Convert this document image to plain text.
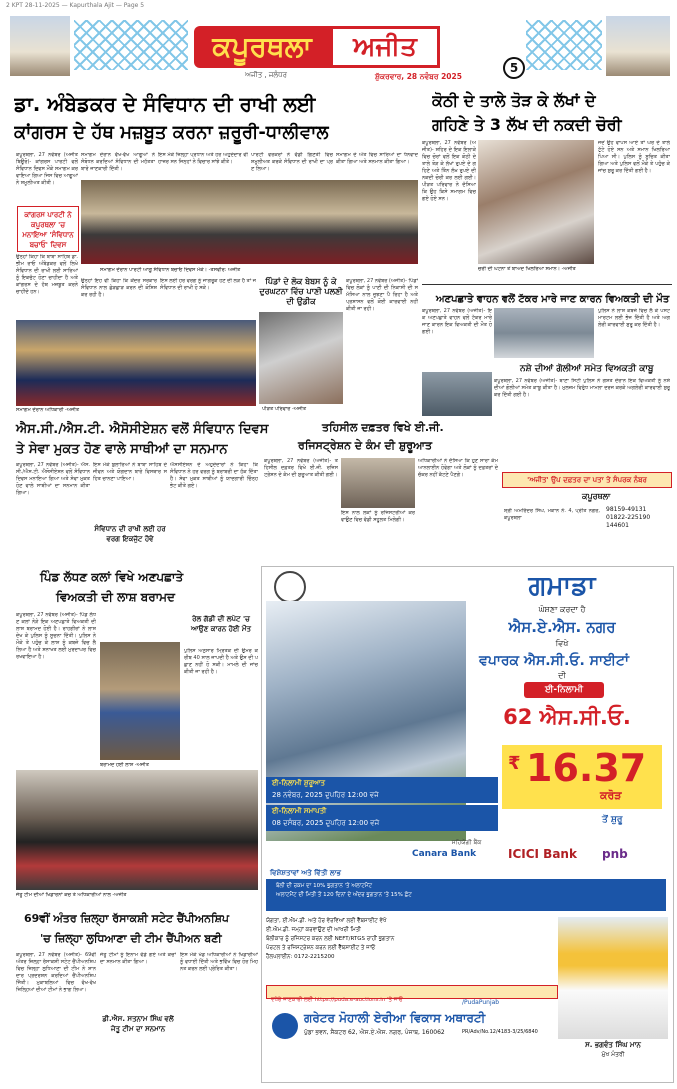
2 KPT 28-11-2025 — Kapurthala Ajit — Page 5
ਕਪੂਰਥਲਾ	ਅਜੀਤ
ਅਜੀਤ , ਜਲੰਧਰ	ਸ਼ੁੱਕਰਵਾਰ, 28 ਨਵੰਬਰ 2025
5
ਡਾ. ਅੰਬੇਡਕਰ ਦੇ ਸੰਵਿਧਾਨ ਦੀ ਰਾਖੀ ਲਈ
ਕਾਂਗਰਸ ਦੇ ਹੱਥ ਮਜ਼ਬੂਤ ਕਰਨਾ ਜ਼ਰੂਰੀ-ਧਾਲੀਵਾਲ
ਕਪੂਰਥਲਾ, 27 ਨਵੰਬਰ (ਅਜੀਤ ਬਿਊਰੋ)- ਕਾਂਗਰਸ ਪਾਰਟੀ ਵਲੋਂ ਸੰਵਿਧਾਨ ਦਿਵਸ ਮੌਕੇ ਸਮਾਗਮ ਕਰਵਾਇਆ ਗਿਆ ਜਿਸ ਵਿਚ ਆਗੂਆਂ ਨੇ ਸ਼ਮੂਲੀਅਤ ਕੀਤੀ।
ਕਾਂਗਰਸ ਪਾਰਟੀ ਨੇ ਕਪੂਰਥਲਾ 'ਚ ਮਨਾਇਆ 'ਸੰਵਿਧਾਨ ਬਚਾਓ' ਦਿਵਸ
ਉਨ੍ਹਾਂ ਕਿਹਾ ਕਿ ਬਾਬਾ ਸਾਹਿਬ ਡਾ. ਭੀਮ ਰਾਓ ਅੰਬੇਡਕਰ ਵਲੋਂ ਲਿਖੇ ਸੰਵਿਧਾਨ ਦੀ ਰਾਖੀ ਲਈ ਸਾਰਿਆਂ ਨੂੰ ਇਕਜੁੱਟ ਹੋਣਾ ਚਾਹੀਦਾ ਹੈ ਅਤੇ ਕਾਂਗਰਸ ਦੇ ਹੱਥ ਮਜ਼ਬੂਤ ਕਰਨੇ ਚਾਹੀਦੇ ਹਨ।
ਸਮਾਗਮ ਦੌਰਾਨ ਵੱਖ-ਵੱਖ ਆਗੂਆਂ ਨੇ ਸੰਬੋਧਨ ਕਰਦਿਆਂ ਸੰਵਿਧਾਨ ਦੀ ਮਹੱਤਤਾ ਬਾਰੇ ਜਾਣਕਾਰੀ ਦਿੱਤੀ।
ਇਸ ਮੌਕੇ ਜ਼ਿਲ੍ਹਾ ਪ੍ਰਧਾਨ ਅਤੇ ਹੋਰ ਅਹੁਦੇਦਾਰ ਵੀ ਹਾਜ਼ਰ ਸਨ ਜਿਨ੍ਹਾਂ ਨੇ ਵਿਚਾਰ ਸਾਂਝੇ ਕੀਤੇ।
ਪਾਰਟੀ ਵਰਕਰਾਂ ਨੇ ਵੱਡੀ ਗਿਣਤੀ ਵਿਚ ਸ਼ਮੂਲੀਅਤ ਕਰਕੇ ਸੰਵਿਧਾਨ ਦੀ ਰਾਖੀ ਦਾ ਪ੍ਰਣ ਲਿਆ।
ਸਮਾਗਮ ਦੇ ਅੰਤ ਵਿਚ ਸਾਰਿਆਂ ਦਾ ਧੰਨਵਾਦ ਕੀਤਾ ਗਿਆ ਅਤੇ ਸਨਮਾਨ ਕੀਤਾ ਗਿਆ।
ਸਮਾਗਮ ਦੌਰਾਨ ਪਾਰਟੀ ਆਗੂ ਸੰਵਿਧਾਨ ਬਚਾਓ ਦਿਵਸ ਮੌਕੇ। -ਤਸਵੀਰ: ਅਜੀਤ
ਉਨ੍ਹਾਂ ਇਹ ਵੀ ਕਿਹਾ ਕਿ ਕੇਂਦਰ ਸਰਕਾਰ ਸੰਵਿਧਾਨ ਨਾਲ ਛੇੜਛਾੜ ਕਰਨ ਦੀ ਕੋਸ਼ਿਸ਼ ਕਰ ਰਹੀ ਹੈ।
ਇਸ ਲਈ ਹਰ ਵਰਗ ਨੂੰ ਜਾਗਰੂਕ ਹੋਣ ਦੀ ਲੋੜ ਹੈ ਤਾਂ ਜੋ ਸੰਵਿਧਾਨ ਦੀ ਰਾਖੀ ਹੋ ਸਕੇ।
ਪਿੰਡਾਂ ਦੇ ਲੋਕ ਬੇਬਸ ਨੂੰ ਕੇ ਦੁਰਘਟਨਾ ਵਿੱਚ ਪਾਣੀ ਪਲਣੀ ਦੀ ਉਡੀਕ
ਪੀੜਤ ਪਰਿਵਾਰ -ਅਜੀਤ
ਕਪੂਰਥਲਾ, 27 ਨਵੰਬਰ (ਅਜੀਤ)- ਪਿੰਡਾਂ ਵਿਚ ਲੋਕਾਂ ਨੂੰ ਪਾਣੀ ਦੀ ਨਿਕਾਸੀ ਦੀ ਸਮੱਸਿਆ ਨਾਲ ਜੂਝਣਾ ਪੈ ਰਿਹਾ ਹੈ ਅਤੇ ਪ੍ਰਸ਼ਾਸਨ ਵਲੋਂ ਕੋਈ ਕਾਰਵਾਈ ਨਹੀਂ ਕੀਤੀ ਜਾ ਰਹੀ।
ਸਮਾਗਮ ਦੌਰਾਨ ਅਧਿਕਾਰੀ -ਅਜੀਤ
ਕੋਠੀ ਦੇ ਤਾਲੇ ਤੋੜ ਕੇ ਲੱਖਾਂ ਦੇ
ਗਹਿਣੇ ਤੇ 3 ਲੱਖ ਦੀ ਨਕਦੀ ਚੋਰੀ
ਕਪੂਰਥਲਾ, 27 ਨਵੰਬਰ (ਅਜੀਤ)- ਸ਼ਹਿਰ ਦੇ ਇਕ ਇਲਾਕੇ ਵਿਚ ਚੋਰਾਂ ਵਲੋਂ ਇਕ ਕੋਠੀ ਦੇ ਤਾਲੇ ਤੋੜ ਕੇ ਲੱਖਾਂ ਰੁਪਏ ਦੇ ਗਹਿਣੇ ਅਤੇ ਤਿੰਨ ਲੱਖ ਰੁਪਏ ਦੀ ਨਕਦੀ ਚੋਰੀ ਕਰ ਲਈ ਗਈ। ਪੀੜਤ ਪਰਿਵਾਰ ਨੇ ਦੱਸਿਆ ਕਿ ਉਹ ਕਿਸੇ ਸਮਾਗਮ ਵਿਚ ਗਏ ਹੋਏ ਸਨ।
ਚੋਰੀ ਦੀ ਘਟਨਾ ਤੋਂ ਬਾਅਦ ਖਿਲਰਿਆ ਸਮਾਨ। -ਅਜੀਤ
ਜਦੋਂ ਉਹ ਵਾਪਸ ਆਏ ਤਾਂ ਘਰ ਦੇ ਤਾਲੇ ਟੁੱਟੇ ਹੋਏ ਸਨ ਅਤੇ ਸਮਾਨ ਖਿਲਰਿਆ ਪਿਆ ਸੀ। ਪੁਲਿਸ ਨੂੰ ਸੂਚਿਤ ਕੀਤਾ ਗਿਆ ਅਤੇ ਪੁਲਿਸ ਵਲੋਂ ਮੌਕੇ ਤੇ ਪਹੁੰਚ ਕੇ ਜਾਂਚ ਸ਼ੁਰੂ ਕਰ ਦਿੱਤੀ ਗਈ ਹੈ।
ਅਣਪਛਾਤੇ ਵਾਹਨ ਵਲੋਂ ਟੱਕਰ ਮਾਰੇ ਜਾਣ ਕਾਰਨ ਵਿਅਕਤੀ ਦੀ ਮੌਤ
ਕਪੂਰਥਲਾ, 27 ਨਵੰਬਰ (ਅਜੀਤ)- ਇਕ ਅਣਪਛਾਤੇ ਵਾਹਨ ਵਲੋਂ ਟੱਕਰ ਮਾਰੇ ਜਾਣ ਕਾਰਨ ਇਕ ਵਿਅਕਤੀ ਦੀ ਮੌਤ ਹੋ ਗਈ।
ਪੁਲਿਸ ਨੇ ਲਾਸ਼ ਕਬਜ਼ੇ ਵਿਚ ਲੈ ਕੇ ਪੋਸਟਮਾਰਟਮ ਲਈ ਭੇਜ ਦਿੱਤੀ ਹੈ ਅਤੇ ਅਗਲੇਰੀ ਕਾਰਵਾਈ ਸ਼ੁਰੂ ਕਰ ਦਿੱਤੀ ਹੈ।
ਨਸ਼ੇ ਦੀਆਂ ਗੋਲੀਆਂ ਸਮੇਤ ਵਿਅਕਤੀ ਕਾਬੂ
ਕਪੂਰਥਲਾ, 27 ਨਵੰਬਰ (ਅਜੀਤ)- ਥਾਣਾ ਸਿਟੀ ਪੁਲਿਸ ਨੇ ਗਸ਼ਤ ਦੌਰਾਨ ਇਕ ਵਿਅਕਤੀ ਨੂੰ ਨਸ਼ੇ ਦੀਆਂ ਗੋਲੀਆਂ ਸਮੇਤ ਕਾਬੂ ਕੀਤਾ ਹੈ। ਮੁਲਜ਼ਮ ਵਿਰੁੱਧ ਮਾਮਲਾ ਦਰਜ ਕਰਕੇ ਅਗਲੇਰੀ ਕਾਰਵਾਈ ਸ਼ੁਰੂ ਕਰ ਦਿੱਤੀ ਗਈ ਹੈ।
ਐਸ.ਸੀ./ਐਸ.ਟੀ. ਐਸੋਸੀਏਸ਼ਨ ਵਲੋਂ ਸੰਵਿਧਾਨ ਦਿਵਸ
ਤੇ ਸੇਵਾ ਮੁਕਤ ਹੋਣ ਵਾਲੇ ਸਾਥੀਆਂ ਦਾ ਸਨਮਾਨ
ਕਪੂਰਥਲਾ, 27 ਨਵੰਬਰ (ਅਜੀਤ)- ਐਸ.ਸੀ./ਐਸ.ਟੀ. ਐਸੋਸੀਏਸ਼ਨ ਵਲੋਂ ਸੰਵਿਧਾਨ ਦਿਵਸ ਮਨਾਇਆ ਗਿਆ ਅਤੇ ਸੇਵਾ ਮੁਕਤ ਹੋਣ ਵਾਲੇ ਸਾਥੀਆਂ ਦਾ ਸਨਮਾਨ ਕੀਤਾ ਗਿਆ।
ਇਸ ਮੌਕੇ ਬੁਲਾਰਿਆਂ ਨੇ ਬਾਬਾ ਸਾਹਿਬ ਦੇ ਜੀਵਨ ਅਤੇ ਯੋਗਦਾਨ ਬਾਰੇ ਵਿਸਥਾਰ ਸਹਿਤ ਚਾਨਣਾ ਪਾਇਆ।
ਸੰਵਿਧਾਨ ਦੀ ਰਾਖੀ ਲਈ ਹਰ ਵਰਗ ਇਕਜੁੱਟ ਹੋਵੇ
ਐਸੋਸੀਏਸ਼ਨ ਦੇ ਅਹੁਦੇਦਾਰਾਂ ਨੇ ਕਿਹਾ ਕਿ ਸੰਵਿਧਾਨ ਨੇ ਹਰ ਵਰਗ ਨੂੰ ਬਰਾਬਰੀ ਦਾ ਹੱਕ ਦਿੱਤਾ ਹੈ। ਸੇਵਾ ਮੁਕਤ ਸਾਥੀਆਂ ਨੂੰ ਯਾਦਗਾਰੀ ਚਿੰਨ੍ਹ ਭੇਟ ਕੀਤੇ ਗਏ।
ਤਹਿਸੀਲ ਦਫ਼ਤਰ ਵਿਖੇ ਈ.ਜੀ.
ਰਜਿਸਟ੍ਰੇਸ਼ਨ ਦੇ ਕੰਮ ਦੀ ਸ਼ੁਰੂਆਤ
ਕਪੂਰਥਲਾ, 27 ਨਵੰਬਰ (ਅਜੀਤ)- ਤਹਿਸੀਲ ਦਫ਼ਤਰ ਵਿਖੇ ਈ.ਜੀ. ਰਜਿਸਟ੍ਰੇਸ਼ਨ ਦੇ ਕੰਮ ਦੀ ਸ਼ੁਰੂਆਤ ਕੀਤੀ ਗਈ।
ਇਸ ਨਾਲ ਲੋਕਾਂ ਨੂੰ ਰਜਿਸਟਰੀਆਂ ਕਰਵਾਉਣ ਵਿਚ ਵੱਡੀ ਸਹੂਲਤ ਮਿਲੇਗੀ।
ਅਧਿਕਾਰੀਆਂ ਨੇ ਦੱਸਿਆ ਕਿ ਹੁਣ ਸਾਰਾ ਕੰਮ ਆਨਲਾਈਨ ਹੋਵੇਗਾ ਅਤੇ ਲੋਕਾਂ ਨੂੰ ਦਫ਼ਤਰਾਂ ਦੇ ਚੱਕਰ ਨਹੀਂ ਕੱਟਣੇ ਪੈਣਗੇ।
'ਅਜੀਤ' ਉਪ ਦਫ਼ਤਰ ਦਾ ਪਤਾ ਤੇ ਸੰਪਰਕ ਨੰਬਰ
ਕਪੂਰਥਲਾ
ਸ਼੍ਰੀ ਅਮਰਿੰਦਰ ਸਿੰਘ, ਮਕਾਨ ਨੰ. 4, ਪ੍ਰੀਤ ਨਗਰ, ਕਪੂਰਥਲਾ
98159-49131
01822-225190
144601
ਪਿੰਡ ਲੱਧਣ ਕਲਾਂ ਵਿਖੇ ਅਣਪਛਾਤੇ
ਵਿਅਕਤੀ ਦੀ ਲਾਸ਼ ਬਰਾਮਦ
ਕਪੂਰਥਲਾ, 27 ਨਵੰਬਰ (ਅਜੀਤ)- ਪਿੰਡ ਲੱਧਣ ਕਲਾਂ ਨੇੜੇ ਇਕ ਅਣਪਛਾਤੇ ਵਿਅਕਤੀ ਦੀ ਲਾਸ਼ ਬਰਾਮਦ ਹੋਈ ਹੈ। ਰਾਹਗੀਰਾਂ ਨੇ ਲਾਸ਼ ਦੇਖ ਕੇ ਪੁਲਿਸ ਨੂੰ ਸੂਚਨਾ ਦਿੱਤੀ। ਪੁਲਿਸ ਨੇ ਮੌਕੇ ਤੇ ਪਹੁੰਚ ਕੇ ਲਾਸ਼ ਨੂੰ ਕਬਜ਼ੇ ਵਿਚ ਲੈ ਲਿਆ ਹੈ ਅਤੇ ਸ਼ਨਾਖਤ ਲਈ ਮੁਰਦਾਘਰ ਵਿਚ ਰਖਵਾਇਆ ਹੈ।
ਬਰਾਮਦ ਹੋਈ ਲਾਸ਼ -ਅਜੀਤ
ਰੇਲ ਗੱਡੀ ਦੀ ਲਪੇਟ 'ਚ ਆਉਣ ਕਾਰਨ ਹੋਈ ਮੌਤ
ਪੁਲਿਸ ਅਨੁਸਾਰ ਮ੍ਰਿਤਕ ਦੀ ਉਮਰ ਕਰੀਬ 40 ਸਾਲ ਜਾਪਦੀ ਹੈ ਅਤੇ ਉਸ ਦੀ ਪਛਾਣ ਨਹੀਂ ਹੋ ਸਕੀ। ਮਾਮਲੇ ਦੀ ਜਾਂਚ ਕੀਤੀ ਜਾ ਰਹੀ ਹੈ।
ਜੇਤੂ ਟੀਮ ਦੀਆਂ ਖਿਡਾਰਨਾਂ ਕੋਚ ਤੇ ਅਧਿਕਾਰੀਆਂ ਨਾਲ -ਅਜੀਤ
69ਵੀਂ ਅੰਤਰ ਜ਼ਿਲ੍ਹਾ ਰੱਸਾਕਸ਼ੀ ਸਟੇਟ ਚੈਂਪੀਅਨਸ਼ਿਪ
'ਚ ਜ਼ਿਲ੍ਹਾ ਲੁਧਿਆਣਾ ਦੀ ਟੀਮ ਚੈਂਪੀਅਨ ਬਣੀ
ਕਪੂਰਥਲਾ, 27 ਨਵੰਬਰ (ਅਜੀਤ)- 69ਵੀਂ ਅੰਤਰ ਜ਼ਿਲ੍ਹਾ ਰੱਸਾਕਸ਼ੀ ਸਟੇਟ ਚੈਂਪੀਅਨਸ਼ਿਪ ਵਿਚ ਜ਼ਿਲ੍ਹਾ ਲੁਧਿਆਣਾ ਦੀ ਟੀਮ ਨੇ ਸ਼ਾਨਦਾਰ ਪ੍ਰਦਰਸ਼ਨ ਕਰਦਿਆਂ ਚੈਂਪੀਅਨਸ਼ਿਪ ਜਿੱਤੀ। ਮੁਕਾਬਲਿਆਂ ਵਿਚ ਵੱਖ-ਵੱਖ ਜ਼ਿਲ੍ਹਿਆਂ ਦੀਆਂ ਟੀਮਾਂ ਨੇ ਭਾਗ ਲਿਆ।
ਜੇਤੂ ਟੀਮਾਂ ਨੂੰ ਇਨਾਮ ਵੰਡੇ ਗਏ ਅਤੇ ਕੋਚਾਂ ਦਾ ਸਨਮਾਨ ਕੀਤਾ ਗਿਆ।
ਡੀ.ਐਸ. ਸਤਨਾਮ ਸਿੰਘ ਵਲੋਂ ਜੇਤੂ ਟੀਮ ਦਾ ਸਨਮਾਨ
ਇਸ ਮੌਕੇ ਖੇਡ ਅਧਿਕਾਰੀਆਂ ਨੇ ਖਿਡਾਰੀਆਂ ਨੂੰ ਵਧਾਈ ਦਿੱਤੀ ਅਤੇ ਭਵਿੱਖ ਵਿਚ ਹੋਰ ਮਿਹਨਤ ਕਰਨ ਲਈ ਪ੍ਰੇਰਿਤ ਕੀਤਾ।
ਗਮਾਡਾ
ਘੋਸ਼ਣਾ ਕਰਦਾ ਹੈ
ਐਸ.ਏ.ਐਸ. ਨਗਰ
ਵਿਖੇ
ਵਪਾਰਕ ਐਸ.ਸੀ.ਓ. ਸਾਈਟਾਂ
ਦੀ
ਈ-ਨਿਲਾਮੀ
62 ਐਸ.ਸੀ.ਓ.
₹ 16.37
ਕਰੋੜ
ਤੋਂ ਸ਼ੁਰੂ
ਈ-ਨਿਲਾਮੀ ਸ਼ੁਰੂਆਤ
28 ਨਵੰਬਰ, 2025 ਦੁਪਹਿਰ 12:00 ਵਜੇ
ਈ-ਨਿਲਾਮੀ ਸਮਾਪਤੀ
08 ਦਸੰਬਰ, 2025 ਦੁਪਹਿਰ 12:00 ਵਜੇ
ਸਹਿਯੋਗੀ ਬੈਂਕ
Canara Bank	ICICI Bank pnb
ਵਿਸ਼ੇਸ਼ਤਾਵਾਂ ਅਤੇ ਵਿੱਤੀ ਲਾਭ
ਬੋਲੀ ਦੀ ਰਕਮ ਦਾ 10% ਭੁਗਤਾਨ 'ਤੇ ਅਲਾਟਮੈਂਟ
ਅਲਾਟਮੈਂਟ ਦੀ ਮਿਤੀ ਤੋਂ 120 ਦਿਨਾਂ ਦੇ ਅੰਦਰ ਭੁਗਤਾਨ 'ਤੇ 15% ਛੋਟ
ਯੋਗਤਾ, ਈ.ਐਮ.ਡੀ. ਅਤੇ ਹੋਰ ਵੇਰਵਿਆਂ ਲਈ ਵੈੱਬਸਾਈਟ ਵੇਖੋ
ਈ.ਐਮ.ਡੀ. ਜਮ੍ਹਾਂ ਕਰਵਾਉਣ ਦੀ ਆਖਰੀ ਮਿਤੀ
ਬੋਲੀਕਾਰ ਨੂੰ ਰਜਿਸਟਰ ਕਰਨ ਲਈ NEFT/RTGS ਰਾਹੀਂ ਭੁਗਤਾਨ
ਪੋਰਟਲ ਤੇ ਰਜਿਸਟ੍ਰੇਸ਼ਨ ਕਰਨ ਲਈ ਵੈੱਬਸਾਈਟ ਤੇ ਜਾਓ
ਹੈਲਪਲਾਈਨ: 0172-2215200
ਸ. ਭਗਵੰਤ ਸਿੰਘ ਮਾਨ
ਮੁੱਖ ਮੰਤਰੀ
ਵਧੇਰੇ ਜਾਣਕਾਰੀ ਲਈ https://puda.e-auctions.in 'ਤੇ ਜਾਓ	/PudaPunjab
ਗਰੇਟਰ ਮੋਹਾਲੀ ਏਰੀਆ ਵਿਕਾਸ ਅਥਾਰਟੀ
ਪੁੱਡਾ ਭਵਨ, ਸੈਕਟਰ 62, ਐਸ.ਏ.ਐਸ. ਨਗਰ, ਪੰਜਾਬ, 160062	PR/Adv/No.12/4183-3/25/6840
